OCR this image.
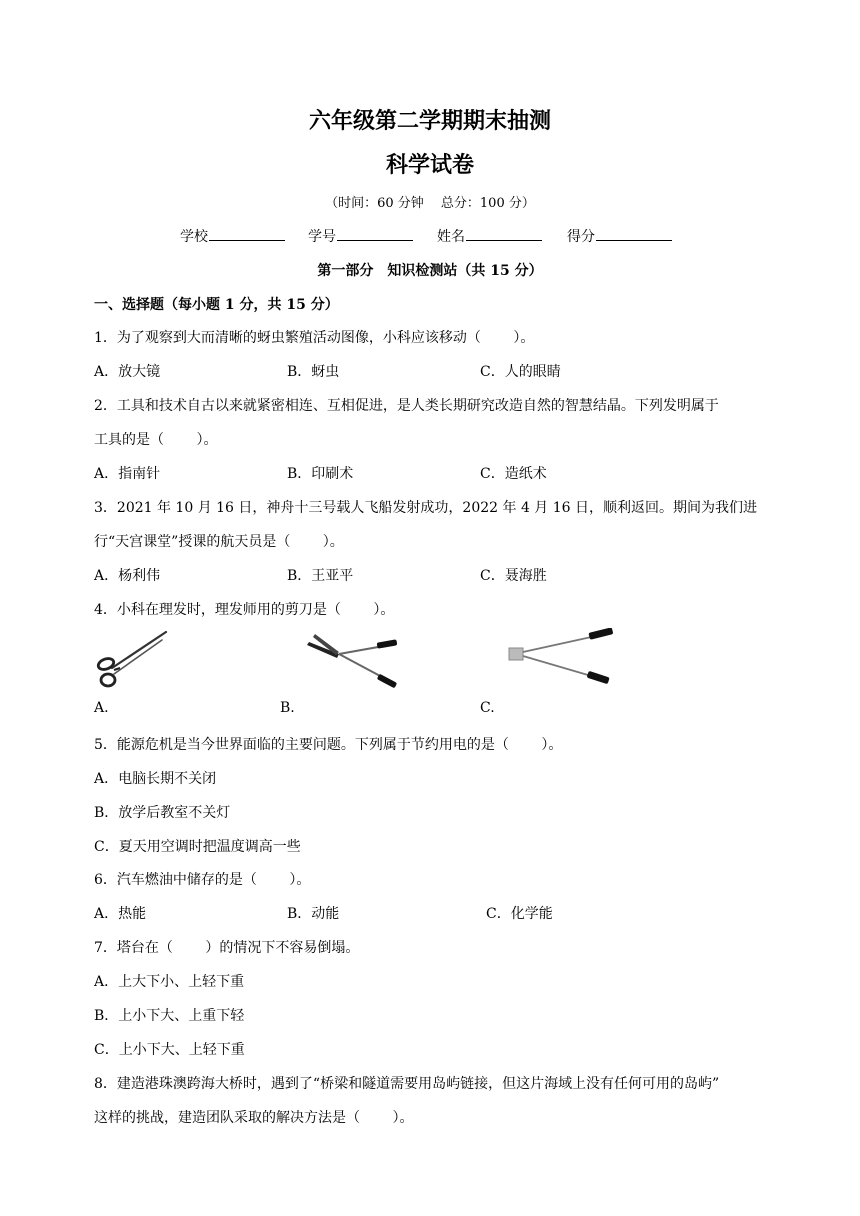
六年级第二学期期末抽测
科学试卷
（时间：60 分钟　 总分：100 分）
学校	学号	姓名	得分
第一部分　知识检测站（共 15 分）
一、选择题（每小题 1 分，共 15 分）
1．为了观察到大而清晰的蚜虫繁殖活动图像，小科应该移动（　　 ）。
A．放大镜	B．蚜虫	C．人的眼睛
2．工具和技术自古以来就紧密相连、互相促进，是人类长期研究改造自然的智慧结晶。下列发明属于
工具的是（　　 ）。
A．指南针	B．印刷术	C．造纸术
3．2021 年 10 月 16 日，神舟十三号载人飞船发射成功，2022 年 4 月 16 日，顺利返回。期间为我们进
行“天宫课堂”授课的航天员是（　　 ）。
A．杨利伟	B．王亚平	C．聂海胜
4．小科在理发时，理发师用的剪刀是（　　 ）。
A.	B.	C.
5．能源危机是当今世界面临的主要问题。下列属于节约用电的是（　　 ）。
A．电脑长期不关闭
B．放学后教室不关灯
C．夏天用空调时把温度调高一些
6．汽车燃油中储存的是（　　 ）。
A．热能	B．动能	C．化学能
7．塔台在（　　 ）的情况下不容易倒塌。
A．上大下小、上轻下重
B．上小下大、上重下轻
C．上小下大、上轻下重
8．建造港珠澳跨海大桥时，遇到了“桥梁和隧道需要用岛屿链接，但这片海域上没有任何可用的岛屿”
这样的挑战，建造团队采取的解决方法是（　　 ）。
